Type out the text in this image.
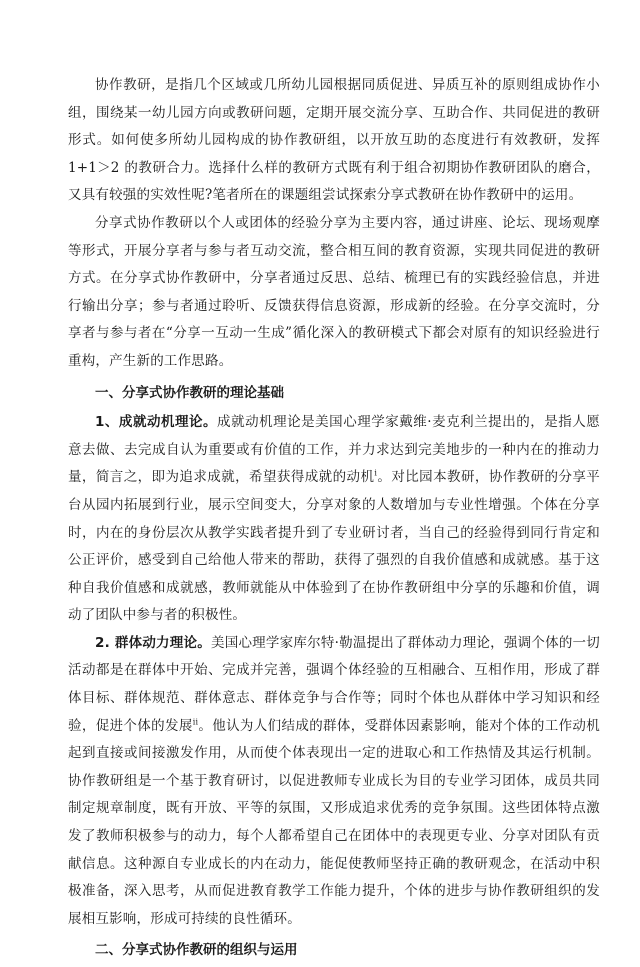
协作教研，是指几个区域或几所幼儿园根据同质促进、异质互补的原则组成协作小组，围绕某一幼儿园方向或教研问题，定期开展交流分享、互助合作、共同促进的教研形式。如何使多所幼儿园构成的协作教研组，以开放互助的态度进行有效教研，发挥 1+1＞2 的教研合力。选择什么样的教研方式既有利于组合初期协作教研团队的磨合，又具有较强的实效性呢?笔者所在的课题组尝试探索分享式教研在协作教研中的运用。

分享式协作教研以个人或团体的经验分享为主要内容，通过讲座、论坛、现场观摩等形式，开展分享者与参与者互动交流，整合相互间的教育资源，实现共同促进的教研方式。在分享式协作教研中，分享者通过反思、总结、梳理已有的实践经验信息，并进行输出分享；参与者通过聆听、反馈获得信息资源，形成新的经验。在分享交流时，分享者与参与者在“分享一互动一生成”循化深入的教研模式下都会对原有的知识经验进行重构，产生新的工作思路。

一、分享式协作教研的理论基础

1、成就动机理论。成就动机理论是美国心理学家戴维·麦克利兰提出的，是指人愿意去做、去完成自认为重要或有价值的工作，并力求达到完美地步的一种内在的推动力量，简言之，即为追求成就，希望获得成就的动机$^i$。对比园本教研，协作教研的分享平台从园内拓展到行业，展示空间变大，分享对象的人数增加与专业性增强。个体在分享时，内在的身份层次从教学实践者提升到了专业研讨者，当自己的经验得到同行肯定和公正评价，感受到自己给他人带来的帮助，获得了强烈的自我价值感和成就感。基于这种自我价值感和成就感，教师就能从中体验到了在协作教研组中分享的乐趣和价值，调动了团队中参与者的积极性。

2. 群体动力理论。美国心理学家库尔特·勒温提出了群体动力理论，强调个体的一切活动都是在群体中开始、完成并完善，强调个体经验的互相融合、互相作用，形成了群体目标、群体规范、群体意志、群体竞争与合作等；同时个体也从群体中学习知识和经验，促进个体的发展$^{ii}$。他认为人们结成的群体，受群体因素影响，能对个体的工作动机起到直接或间接激发作用，从而使个体表现出一定的进取心和工作热情及其运行机制。协作教研组是一个基于教育研讨，以促进教师专业成长为目的专业学习团体，成员共同制定规章制度，既有开放、平等的氛围，又形成追求优秀的竞争氛围。这些团体特点激发了教师积极参与的动力，每个人都希望自己在团体中的表现更专业、分享对团队有贡献信息。这种源自专业成长的内在动力，能促使教师坚持正确的教研观念，在活动中积极准备，深入思考，从而促进教育教学工作能力提升，个体的进步与协作教研组织的发展相互影响，形成可持续的良性循环。

二、分享式协作教研的组织与运用
